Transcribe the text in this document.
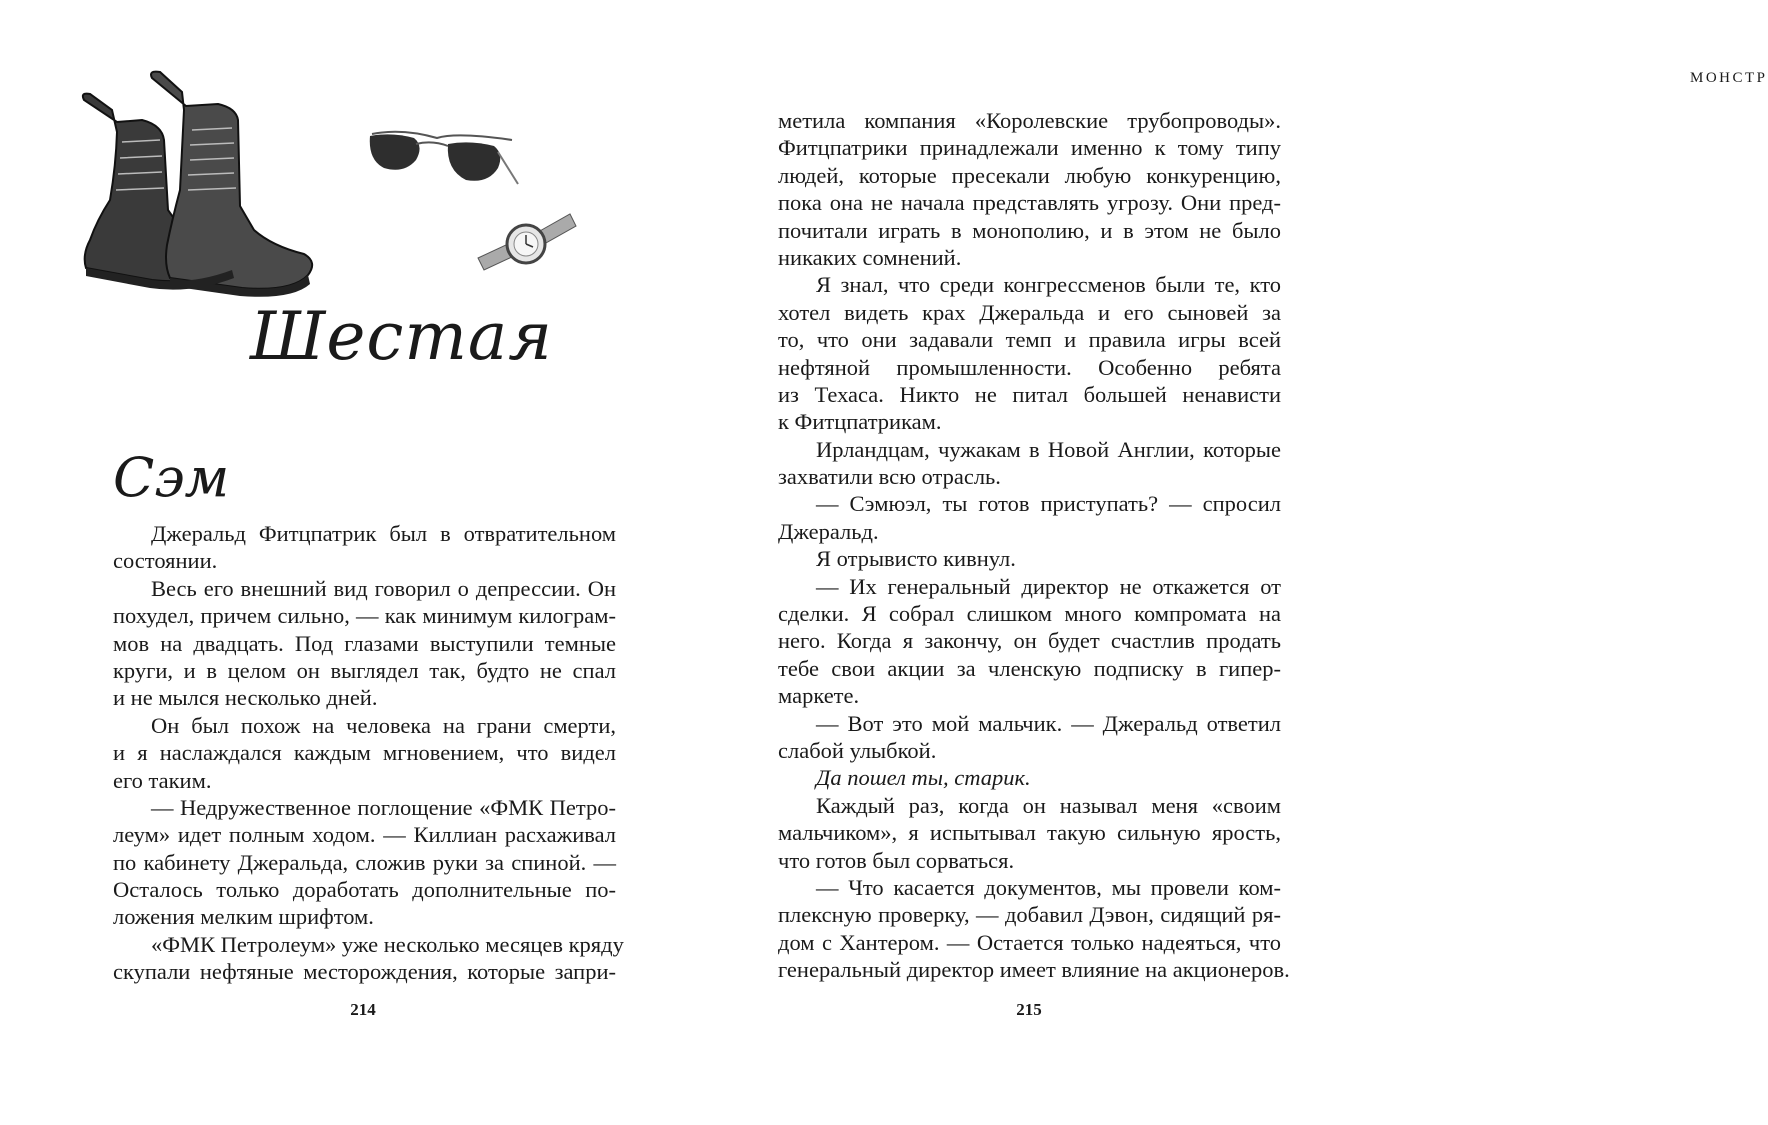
Шестая
Сэм
Джеральд Фитцпатрик был в отвратительном
состоянии.
Весь его внешний вид говорил о депрессии. Он
похудел, причем сильно, — как минимум килограм-
мов на двадцать. Под глазами выступили темные
круги, и в целом он выглядел так, будто не спал
и не мылся несколько дней.
Он был похож на человека на грани смерти,
и я наслаждался каждым мгновением, что видел
его таким.
— Недружественное поглощение «ФМК Петро-
леум» идет полным ходом. — Киллиан расхаживал
по кабинету Джеральда, сложив руки за спиной. —
Осталось только доработать дополнительные по-
ложения мелким шрифтом.
«ФМК Петролеум» уже несколько месяцев кряду
скупали нефтяные месторождения, которые запри-
214
МОНСТР
метила компания «Королевские трубопроводы».
Фитцпатрики принадлежали именно к тому типу
людей, которые пресекали любую конкуренцию,
пока она не начала представлять угрозу. Они пред-
почитали играть в монополию, и в этом не было
никаких сомнений.
Я знал, что среди конгрессменов были те, кто
хотел видеть крах Джеральда и его сыновей за
то, что они задавали темп и правила игры всей
нефтяной промышленности. Особенно ребята
из Техаса. Никто не питал большей ненависти
к Фитцпатрикам.
Ирландцам, чужакам в Новой Англии, которые
захватили всю отрасль.
— Сэмюэл, ты готов приступать? — спросил
Джеральд.
Я отрывисто кивнул.
— Их генеральный директор не откажется от
сделки. Я собрал слишком много компромата на
него. Когда я закончу, он будет счастлив продать
тебе свои акции за членскую подписку в гипер-
маркете.
— Вот это мой мальчик. — Джеральд ответил
слабой улыбкой.
Да пошел ты, старик.
Каждый раз, когда он называл меня «своим
мальчиком», я испытывал такую сильную ярость,
что готов был сорваться.
— Что касается документов, мы провели ком-
плексную проверку, — добавил Дэвон, сидящий ря-
дом с Хантером. — Остается только надеяться, что
генеральный директор имеет влияние на акционеров.
215
